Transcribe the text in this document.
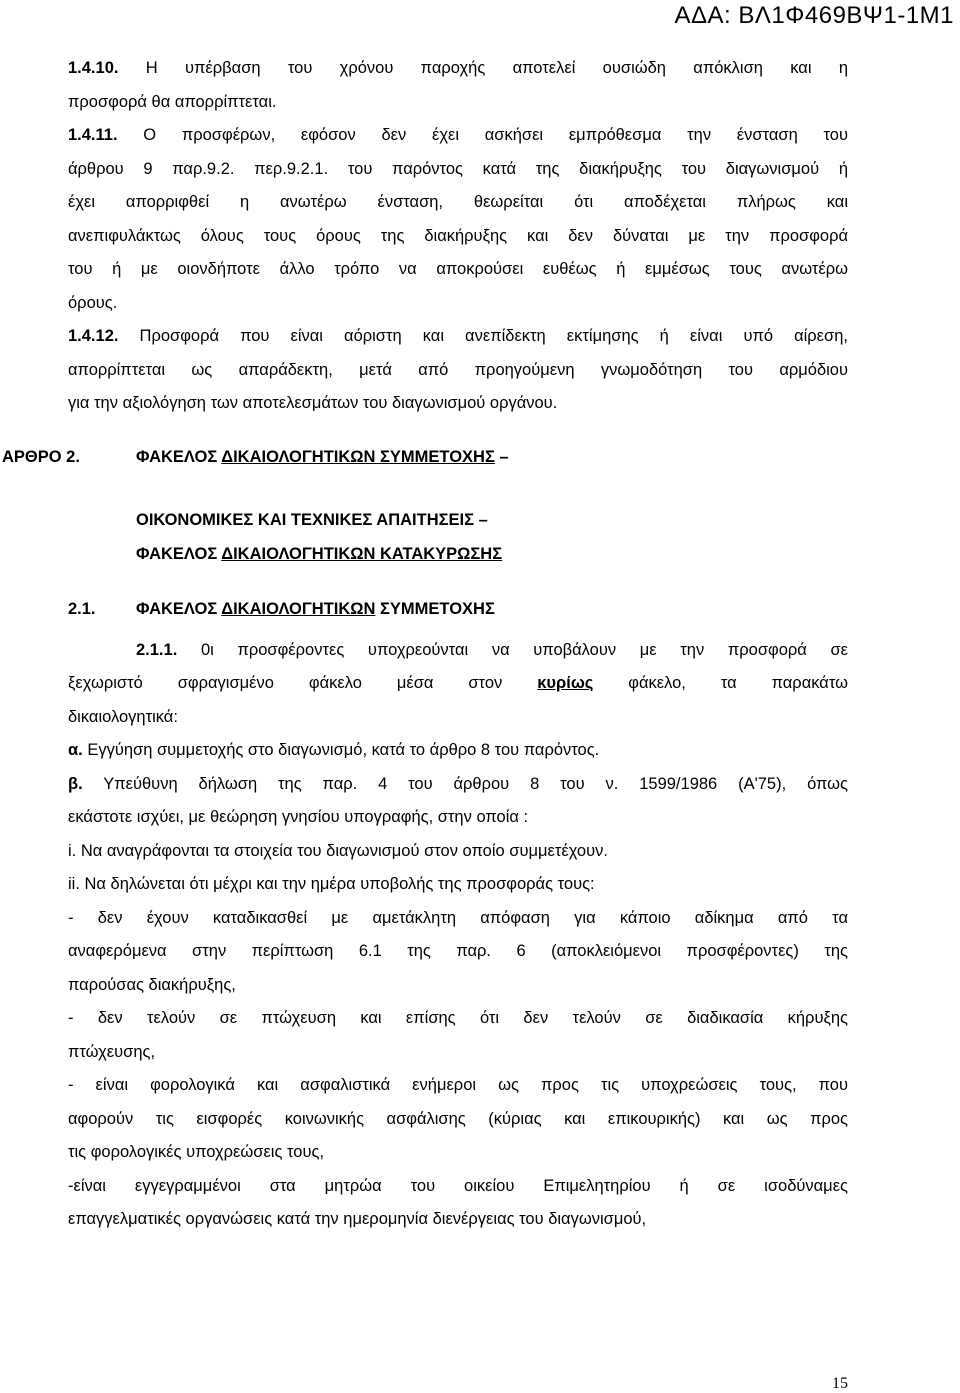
ΑΔΑ: ΒΛ1Φ469ΒΨ1-1Μ1

1.4.10. Η υπέρβαση του χρόνου παροχής αποτελεί ουσιώδη απόκλιση και η

προσφορά θα απορρίπτεται.

1.4.11. Ο προσφέρων, εφόσον δεν έχει ασκήσει εμπρόθεσμα την ένσταση του

άρθρου 9 παρ.9.2. περ.9.2.1. του παρόντος κατά της διακήρυξης του διαγωνισμού ή

έχει απορριφθεί η ανωτέρω ένσταση, θεωρείται ότι αποδέχεται πλήρως και

ανεπιφυλάκτως όλους τους όρους της διακήρυξης και δεν δύναται με την προσφορά

του ή με οιονδήποτε άλλο τρόπο να αποκρούσει ευθέως ή εμμέσως τους ανωτέρω

όρους.

1.4.12. Προσφορά που είναι αόριστη και ανεπίδεκτη εκτίμησης ή είναι υπό αίρεση,

απορρίπτεται ως απαράδεκτη, μετά από προηγούμενη γνωμοδότηση του αρμόδιου

για την αξιολόγηση των αποτελεσμάτων του διαγωνισμού οργάνου.

ΑΡΘΡΟ 2.	ΦΑΚΕΛΟΣ ΔΙΚΑΙΟΛΟΓΗΤΙΚΩΝ ΣΥΜΜΕΤΟΧΗΣ –
ΟΙΚΟΝΟΜΙΚΕΣ ΚΑΙ ΤΕΧΝΙΚΕΣ ΑΠΑΙΤΗΣΕΙΣ –
ΦΑΚΕΛΟΣ ΔΙΚΑΙΟΛΟΓΗΤΙΚΩΝ ΚΑΤΑΚΥΡΩΣΗΣ
2.1. ΦΑΚΕΛΟΣ ΔΙΚΑΙΟΛΟΓΗΤΙΚΩΝ ΣΥΜΜΕΤΟΧΗΣ

2.1.1. 0ι προσφέροντες υποχρεούνται να υποβάλουν με την προσφορά σε

ξεχωριστό σφραγισμένο φάκελο μέσα στον κυρίως φάκελο, τα παρακάτω

δικαιολογητικά:

α. Εγγύηση συμμετοχής στο διαγωνισμό, κατά το άρθρο 8 του παρόντος.

β. Υπεύθυνη δήλωση της παρ. 4 του άρθρου 8 του ν. 1599/1986 (Α'75), όπως

εκάστοτε ισχύει, με θεώρηση γνησίου υπογραφής, στην οποία :

i. Να αναγράφονται τα στοιχεία του διαγωνισμού στον οποίο συμμετέχουν.

ii. Να δηλώνεται ότι μέχρι και την ημέρα υποβολής της προσφοράς τους:

- δεν έχουν καταδικασθεί με αμετάκλητη απόφαση για κάποιο αδίκημα από τα

αναφερόμενα στην περίπτωση 6.1 της παρ. 6 (αποκλειόμενοι προσφέροντες) της

παρούσας διακήρυξης,

- δεν τελούν σε πτώχευση και επίσης ότι δεν τελούν σε διαδικασία κήρυξης

πτώχευσης,

- είναι φορολογικά και ασφαλιστικά ενήμεροι ως προς τις υποχρεώσεις τους, που

αφορούν τις εισφορές κοινωνικής ασφάλισης (κύριας και επικουρικής) και ως προς

τις φορολογικές υποχρεώσεις τους,

-είναι εγγεγραμμένοι στα μητρώα του οικείου Επιμελητηρίου ή σε ισοδύναμες

επαγγελματικές οργανώσεις κατά την ημερομηνία διενέργειας του διαγωνισμού,

15
